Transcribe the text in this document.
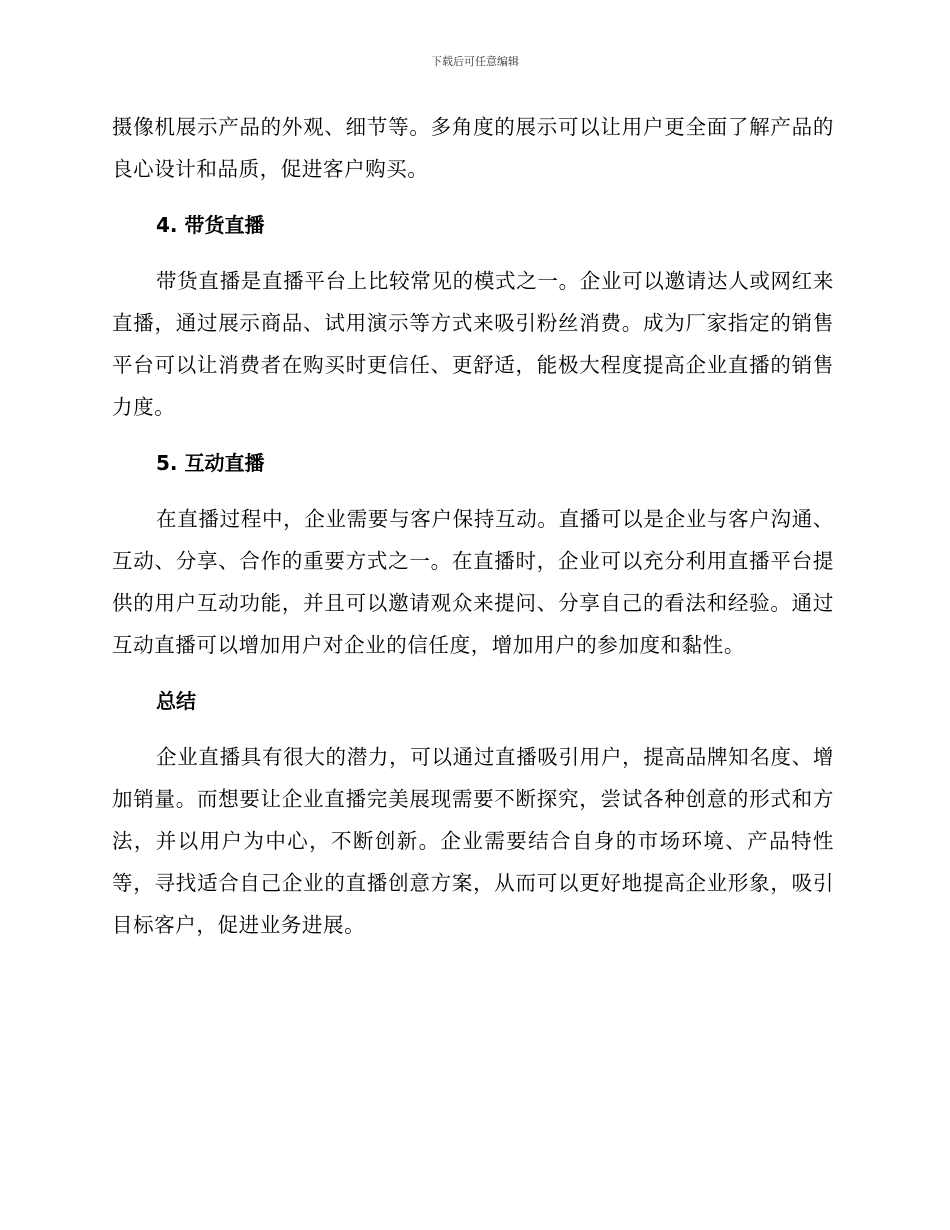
下载后可任意编辑

摄像机展示产品的外观、细节等。多角度的展示可以让用户更全面了解产品的良心设计和品质，促进客户购买。

4. 带货直播

带货直播是直播平台上比较常见的模式之一。企业可以邀请达人或网红来直播，通过展示商品、试用演示等方式来吸引粉丝消费。成为厂家指定的销售平台可以让消费者在购买时更信任、更舒适，能极大程度提高企业直播的销售力度。

5. 互动直播

在直播过程中，企业需要与客户保持互动。直播可以是企业与客户沟通、互动、分享、合作的重要方式之一。在直播时，企业可以充分利用直播平台提供的用户互动功能，并且可以邀请观众来提问、分享自己的看法和经验。通过互动直播可以增加用户对企业的信任度，增加用户的参加度和黏性。

总结

企业直播具有很大的潜力，可以通过直播吸引用户，提高品牌知名度、增加销量。而想要让企业直播完美展现需要不断探究，尝试各种创意的形式和方法，并以用户为中心，不断创新。企业需要结合自身的市场环境、产品特性等，寻找适合自己企业的直播创意方案，从而可以更好地提高企业形象，吸引目标客户，促进业务进展。
